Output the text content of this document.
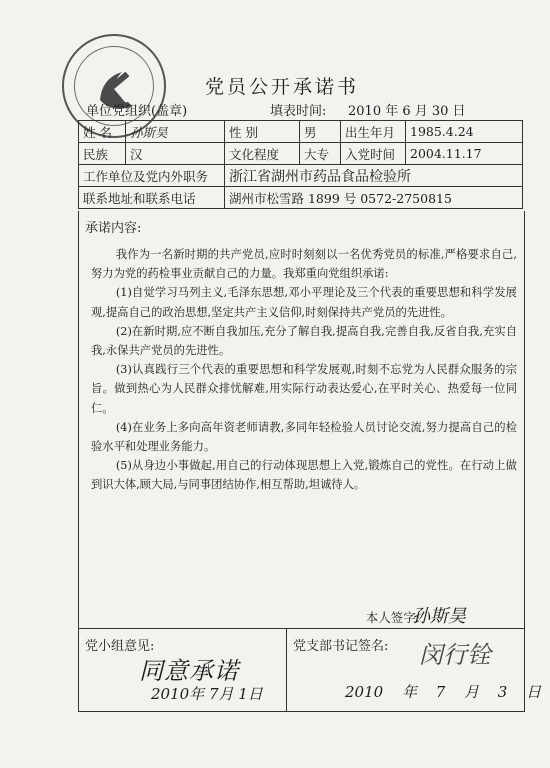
党员公开承诺书
单位党组织(盖章)	填表时间: 2010 年 6 月 30 日
姓 名	孙斯昊	性 别	男	出生年月	1985.4.24
民族	汉	文化程度	大专	入党时间	2004.11.17
工作单位及党内外职务		浙江省湖州市药品食品检验所			
联系地址和联系电话		湖州市松雪路 1899 号 0572-2750815			
承诺内容:

我作为一名新时期的共产党员,应时时刻刻以一名优秀党员的标准,严格要求自己,努力为党的药检事业贡献自己的力量。我郑重向党组织承诺:

(1)自觉学习马列主义,毛泽东思想,邓小平理论及三个代表的重要思想和科学发展观,提高自己的政治思想,坚定共产主义信仰,时刻保持共产党员的先进性。

(2)在新时期,应不断自我加压,充分了解自我,提高自我,完善自我,反省自我,充实自我,永保共产党员的先进性。

(3)认真践行三个代表的重要思想和科学发展观,时刻不忘党为人民群众服务的宗旨。做到热心为人民群众排忧解难,用实际行动表达爱心,在平时关心、热爱每一位同仁。

(4)在业务上多向高年资老师请教,多同年轻检验人员讨论交流,努力提高自己的检验水平和处理业务能力。

(5)从身边小事做起,用自己的行动体现思想上入党,锻炼自己的党性。在行动上做到识大体,顾大局,与同事团结协作,相互帮助,坦诚待人。

本人签字:
孙斯昊
党小组意见:
同意承诺
2010年 7月 1日
党支部书记签名: 闵行铨
2010 年 7 月 3 日
